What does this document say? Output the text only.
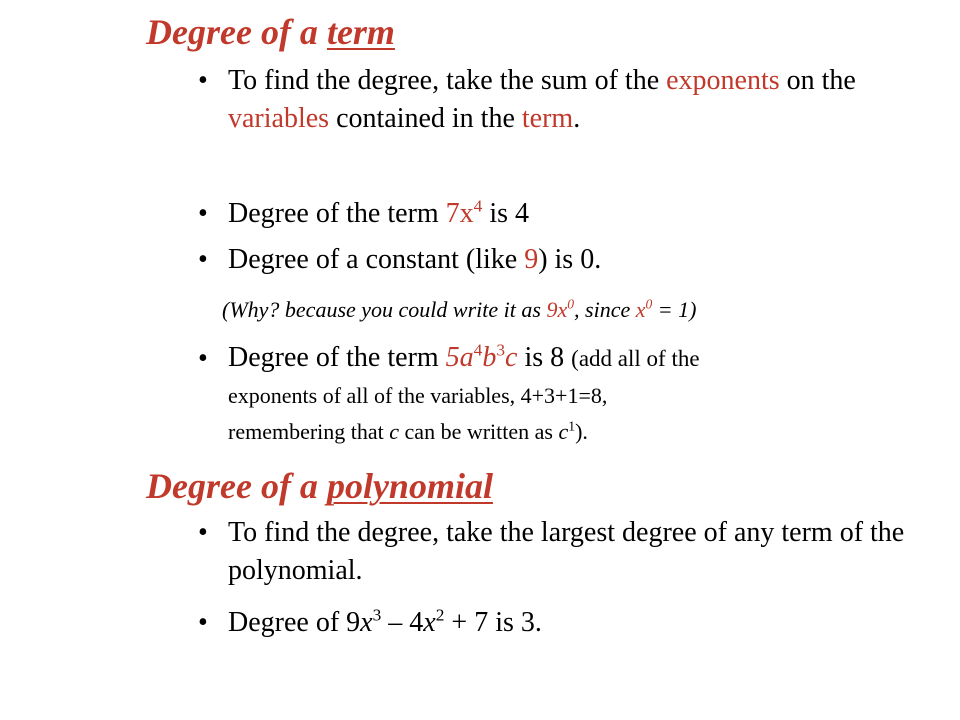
Degree of a term
• To find the degree, take the sum of the exponents on the variables contained in the term.
• Degree of the term $7x^4$ is 4
• Degree of a constant (like 9) is 0.
(Why? because you could write it as $9x^0$, since $x^0 = 1$)
• Degree of the term $5a^4b^3c$ is 8 (add all of the
exponents of all of the variables, 4+3+1=8,
remembering that c can be written as $c^1$).
Degree of a polynomial
• To find the degree, take the largest degree of any term of the polynomial.
• Degree of $9x^3 - 4x^2 + 7$ is 3.
